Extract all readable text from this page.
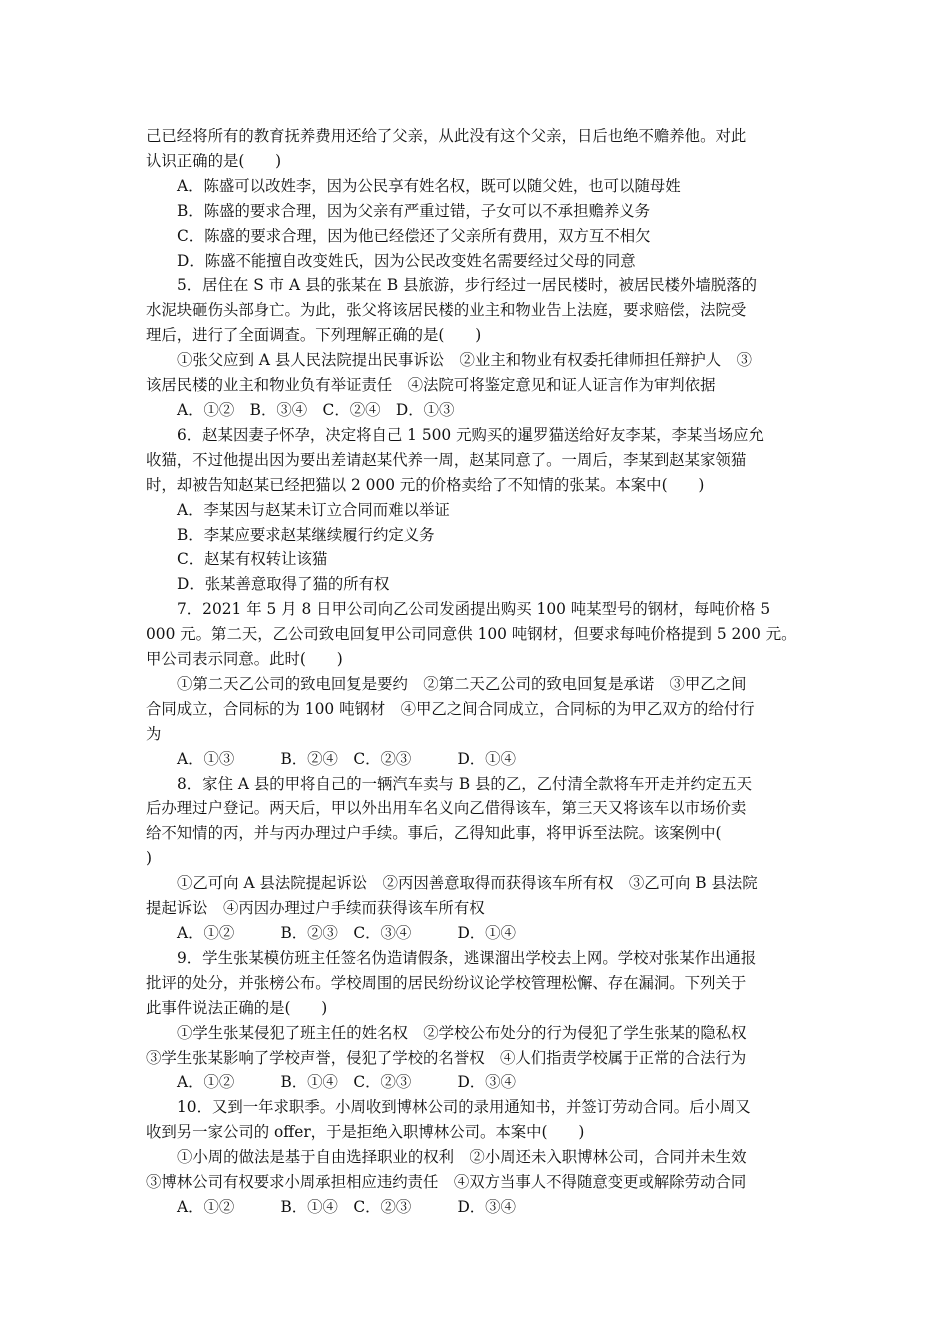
己已经将所有的教育抚养费用还给了父亲，从此没有这个父亲，日后也绝不赡养他。对此
认识正确的是(　　)
A．陈盛可以改姓李，因为公民享有姓名权，既可以随父姓，也可以随母姓
B．陈盛的要求合理，因为父亲有严重过错，子女可以不承担赡养义务
C．陈盛的要求合理，因为他已经偿还了父亲所有费用，双方互不相欠
D．陈盛不能擅自改变姓氏，因为公民改变姓名需要经过父母的同意
5．居住在 S 市 A 县的张某在 B 县旅游，步行经过一居民楼时，被居民楼外墙脱落的
水泥块砸伤头部身亡。为此，张父将该居民楼的业主和物业告上法庭，要求赔偿，法院受
理后，进行了全面调查。下列理解正确的是(　　)
①张父应到 A 县人民法院提出民事诉讼　②业主和物业有权委托律师担任辩护人　③
该居民楼的业主和物业负有举证责任　④法院可将鉴定意见和证人证言作为审判依据
A．①②　B．③④　C．②④　D．①③
6．赵某因妻子怀孕，决定将自己 1 500 元购买的暹罗猫送给好友李某，李某当场应允
收猫，不过他提出因为要出差请赵某代养一周，赵某同意了。一周后，李某到赵某家领猫
时，却被告知赵某已经把猫以 2 000 元的价格卖给了不知情的张某。本案中(　　)
A．李某因与赵某未订立合同而难以举证
B．李某应要求赵某继续履行约定义务
C．赵某有权转让该猫
D．张某善意取得了猫的所有权
7．2021 年 5 月 8 日甲公司向乙公司发函提出购买 100 吨某型号的钢材，每吨价格 5
000 元。第二天，乙公司致电回复甲公司同意供 100 吨钢材，但要求每吨价格提到 5 200 元。
甲公司表示同意。此时(　　)
①第二天乙公司的致电回复是要约　②第二天乙公司的致电回复是承诺　③甲乙之间
合同成立，合同标的为 100 吨钢材　④甲乙之间合同成立，合同标的为甲乙双方的给付行
为
A．①③　　　B．②④　C．②③　　　D．①④
8．家住 A 县的甲将自己的一辆汽车卖与 B 县的乙，乙付清全款将车开走并约定五天
后办理过户登记。两天后，甲以外出用车名义向乙借得该车，第三天又将该车以市场价卖
给不知情的丙，并与丙办理过户手续。事后，乙得知此事，将甲诉至法院。该案例中(
)
①乙可向 A 县法院提起诉讼　②丙因善意取得而获得该车所有权　③乙可向 B 县法院
提起诉讼　④丙因办理过户手续而获得该车所有权
A．①②　　　B．②③　C．③④　　　D．①④
9．学生张某模仿班主任签名伪造请假条，逃课溜出学校去上网。学校对张某作出通报
批评的处分，并张榜公布。学校周围的居民纷纷议论学校管理松懈、存在漏洞。下列关于
此事件说法正确的是(　　)
①学生张某侵犯了班主任的姓名权　②学校公布处分的行为侵犯了学生张某的隐私权
③学生张某影响了学校声誉，侵犯了学校的名誉权　④人们指责学校属于正常的合法行为
A．①②　　　B．①④　C．②③　　　D．③④
10．又到一年求职季。小周收到博林公司的录用通知书，并签订劳动合同。后小周又
收到另一家公司的 offer，于是拒绝入职博林公司。本案中(　　)
①小周的做法是基于自由选择职业的权利　②小周还未入职博林公司，合同并未生效
③博林公司有权要求小周承担相应违约责任　④双方当事人不得随意变更或解除劳动合同
A．①②　　　B．①④　C．②③　　　D．③④
